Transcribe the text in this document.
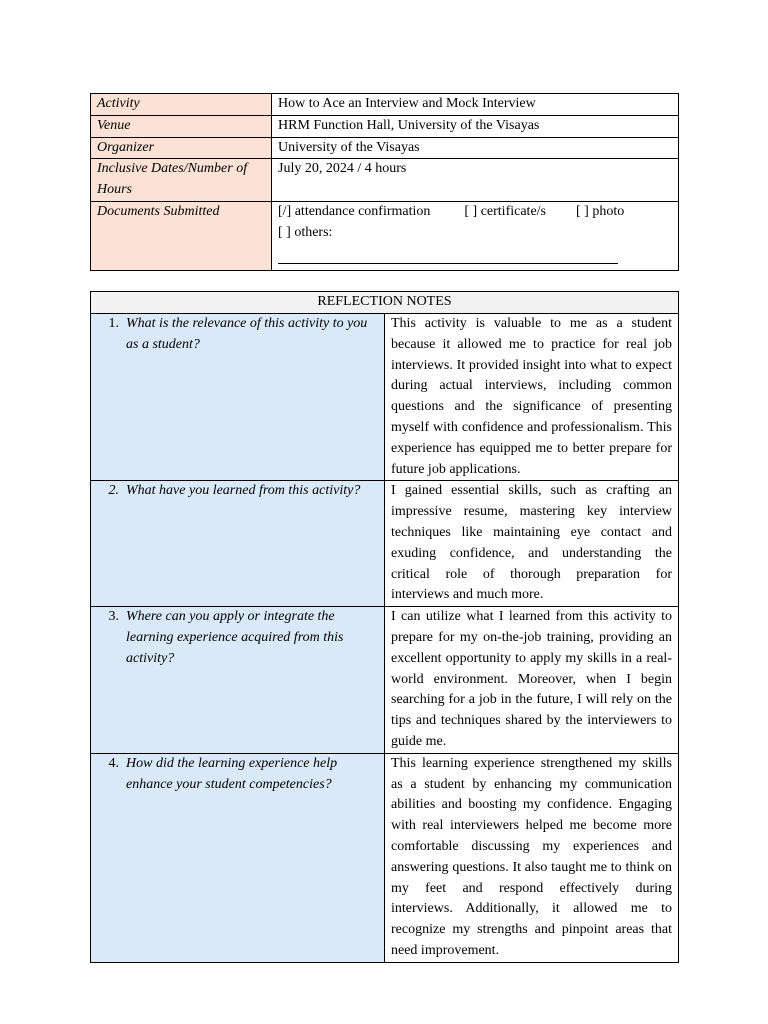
Activity	How to Ace an Interview and Mock Interview
Venue	HRM Function Hall, University of the Visayas
Organizer	University of the Visayas
Inclusive Dates/Number of Hours	July 20, 2024 / 4 hours
Documents Submitted	[/] attendance confirmation [ ] certificate/s [ ] photo
[ ] others:
REFLECTION NOTES	

1. What is the relevance of this activity to you as a student?	This activity is valuable to me as a student because it allowed me to practice for real job interviews. It provided insight into what to expect during actual interviews, including common questions and the significance of presenting myself with confidence and professionalism. This experience has equipped me to better prepare for future job applications.

2. What have you learned from this activity?	I gained essential skills, such as crafting an impressive resume, mastering key interview techniques like maintaining eye contact and exuding confidence, and understanding the critical role of thorough preparation for interviews and much more.

3. Where can you apply or integrate the learning experience acquired from this activity?	I can utilize what I learned from this activity to prepare for my on-the-job training, providing an excellent opportunity to apply my skills in a real-world environment. Moreover, when I begin searching for a job in the future, I will rely on the tips and techniques shared by the interviewers to guide me.

4. How did the learning experience help enhance your student competencies?	This learning experience strengthened my skills as a student by enhancing my communication abilities and boosting my confidence. Engaging with real interviewers helped me become more comfortable discussing my experiences and answering questions. It also taught me to think on my feet and respond effectively during interviews. Additionally, it allowed me to recognize my strengths and pinpoint areas that need improvement.
